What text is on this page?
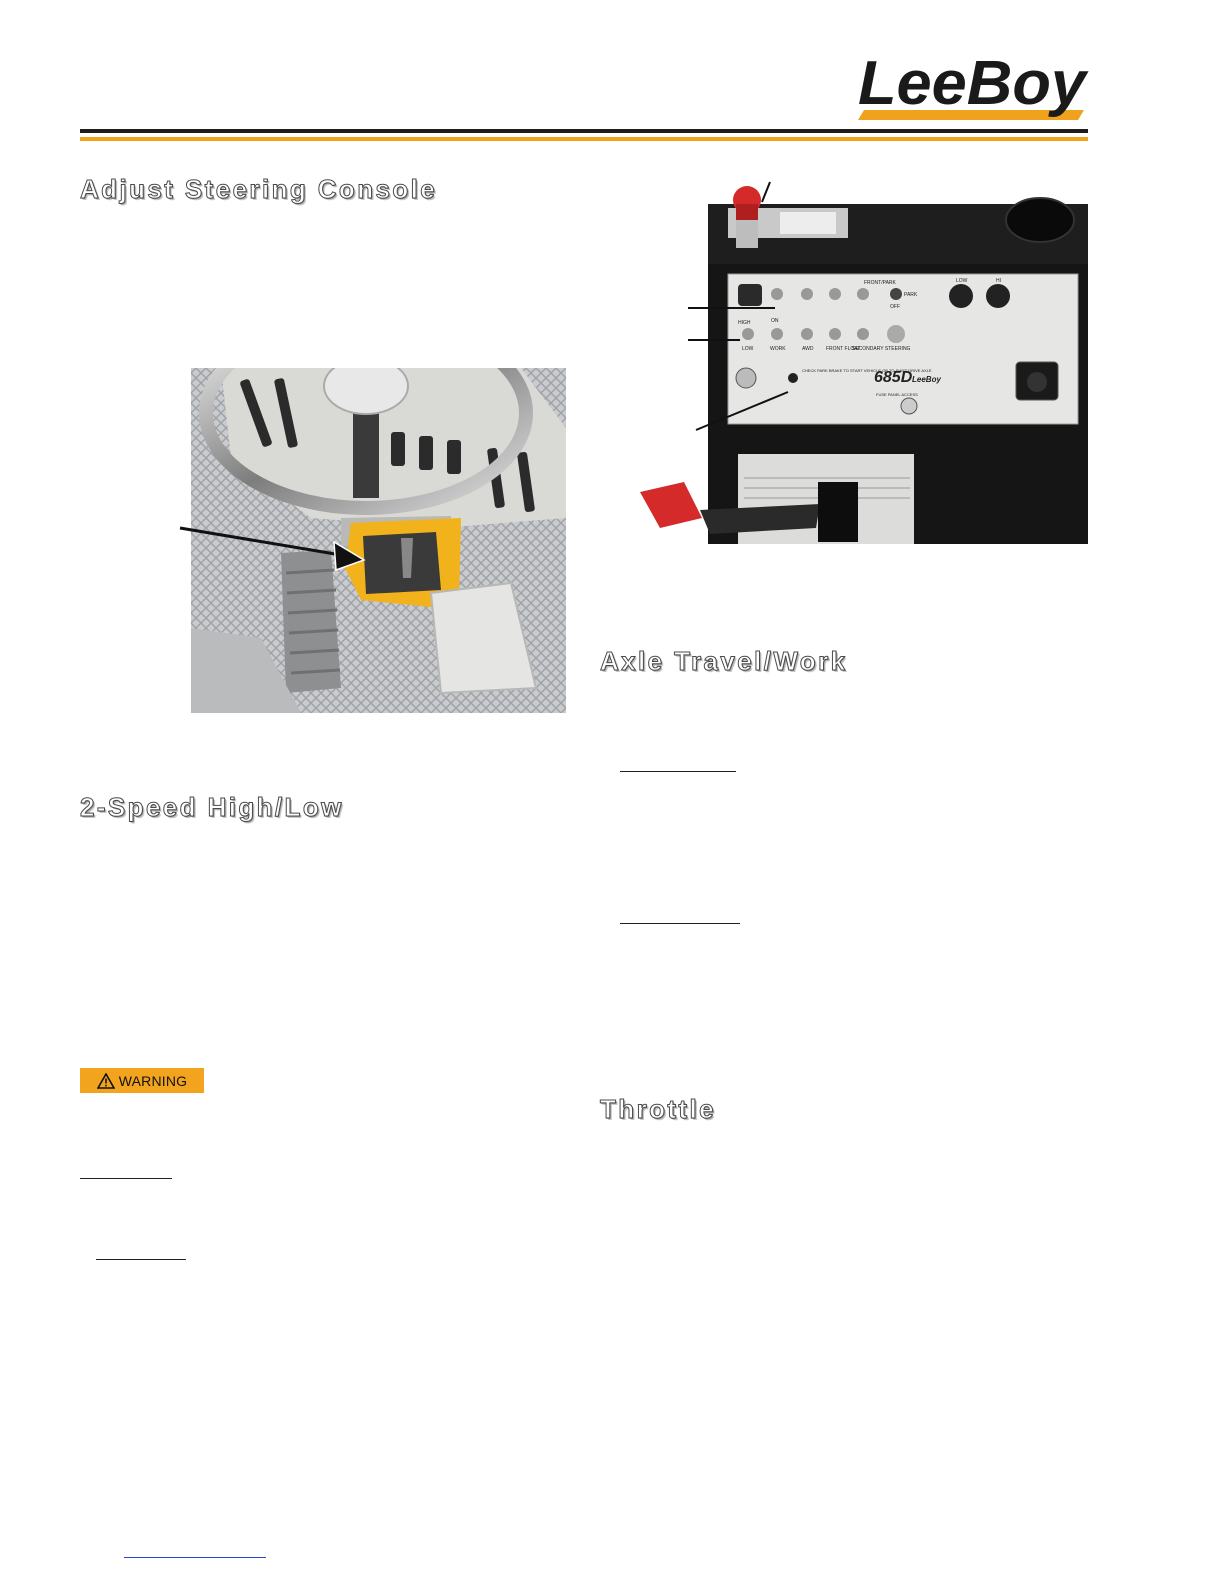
LeeBoy
Adjust Steering Console
2-Speed High/Low
Axle Travel/Work
Throttle
FRONT/PARK
PARK
OFF
LOW	HI
HIGH
LOW	WORK	AWD	FRONT FLOAT
SECONDARY STEERING
ON
CHECK PARK BRAKE TO START VEHICLE OR TO SHIFT DRIVE AXLE
FUSE PANEL ACCESS
685D LeeBoy
WARNING
